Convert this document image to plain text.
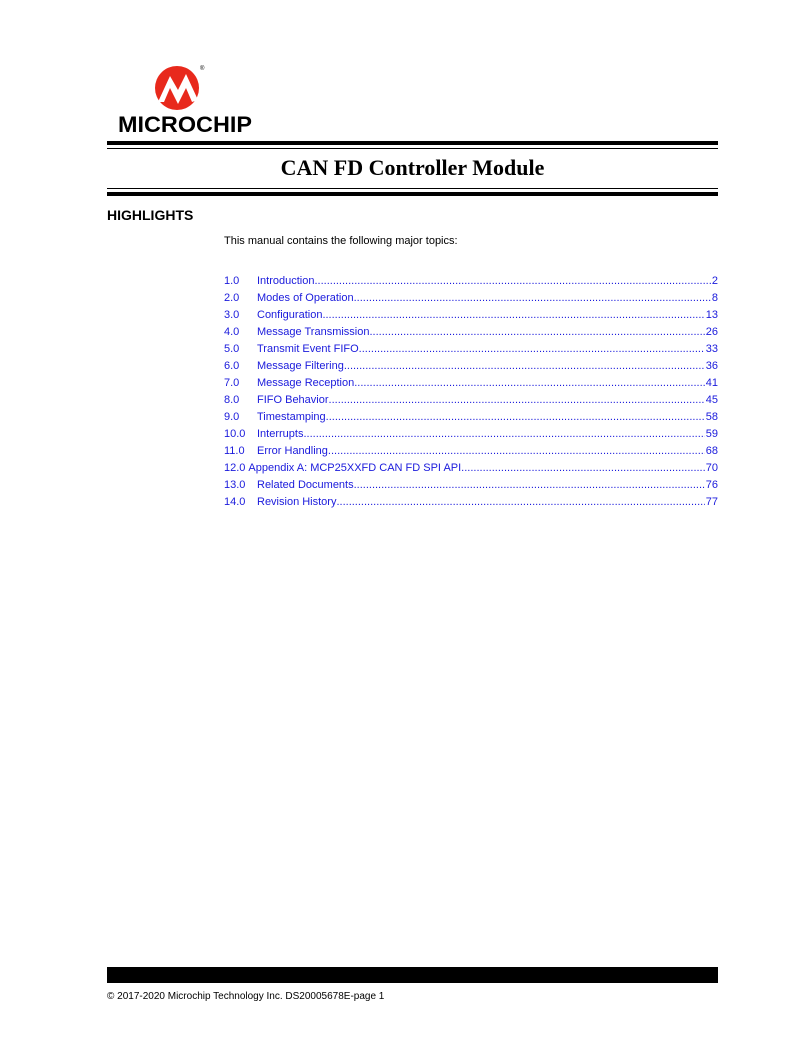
®
MICROCHIP
CAN FD Controller Module
HIGHLIGHTS
This manual contains the following major topics:
1.0	Introduction .....	2
2.0	Modes of Operation .....	8
3.0	Configuration .....	13
4.0	Message Transmission .....	26
5.0	Transmit Event FIFO .....	33
6.0	Message Filtering .....	36
7.0	Message Reception .....	41
8.0	FIFO Behavior .....	45
9.0	Timestamping .....	58
10.0	Interrupts .....	59
11.0	Error Handling .....	68
12.0 Appendix A: MCP25XXFD CAN FD SPI API .....	70
13.0	Related Documents .....	76
14.0	Revision History .....	77
© 2017-2020 Microchip Technology Inc. DS20005678E-page 1
